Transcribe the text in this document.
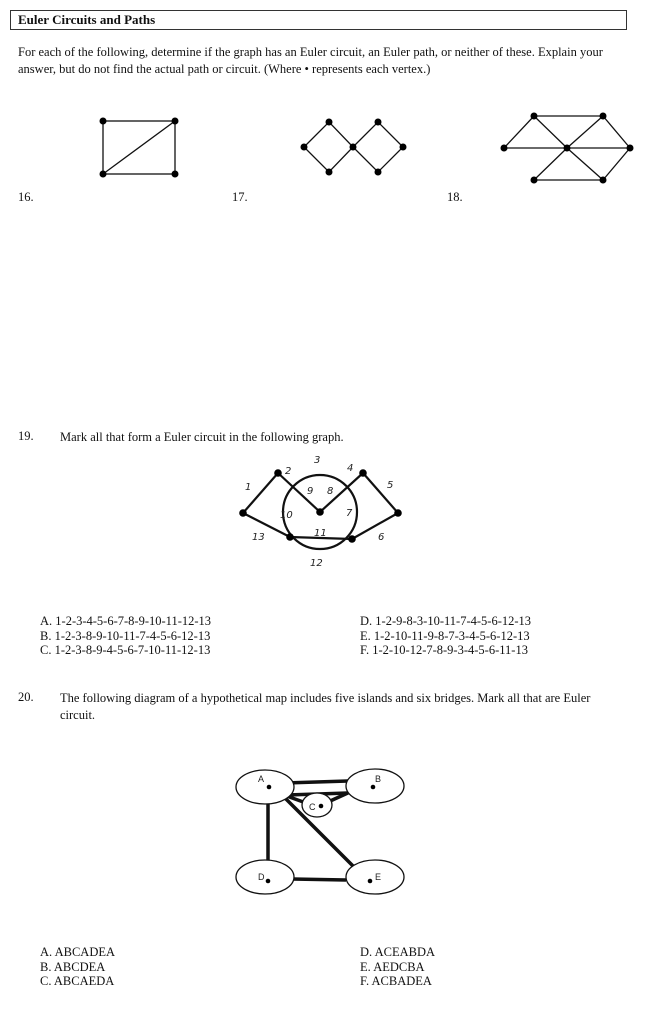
Euler Circuits and Paths
For each of the following, determine if the graph has an Euler circuit, an Euler path, or neither of these. Explain your answer, but do not find the actual path or circuit. (Where • represents each vertex.)
16.	17.	18.
19. Mark all that form a Euler circuit in the following graph.
1
2
3
4
5
6
7
8
9
10
11
12
13
A. 1-2-3-4-5-6-7-8-9-10-11-12-13
B. 1-2-3-8-9-10-11-7-4-5-6-12-13
C. 1-2-3-8-9-4-5-6-7-10-11-12-13
D. 1-2-9-8-3-10-11-7-4-5-6-12-13
E. 1-2-10-11-9-8-7-3-4-5-6-12-13
F. 1-2-10-12-7-8-9-3-4-5-6-11-13
20. The following diagram of a hypothetical map includes five islands and six bridges. Mark all that are Euler circuit.
A	B
C
D	E
A. ABCADEA
B. ABCDEA
C. ABCAEDA
D. ACEABDA
E. AEDCBA
F. ACBADEA
